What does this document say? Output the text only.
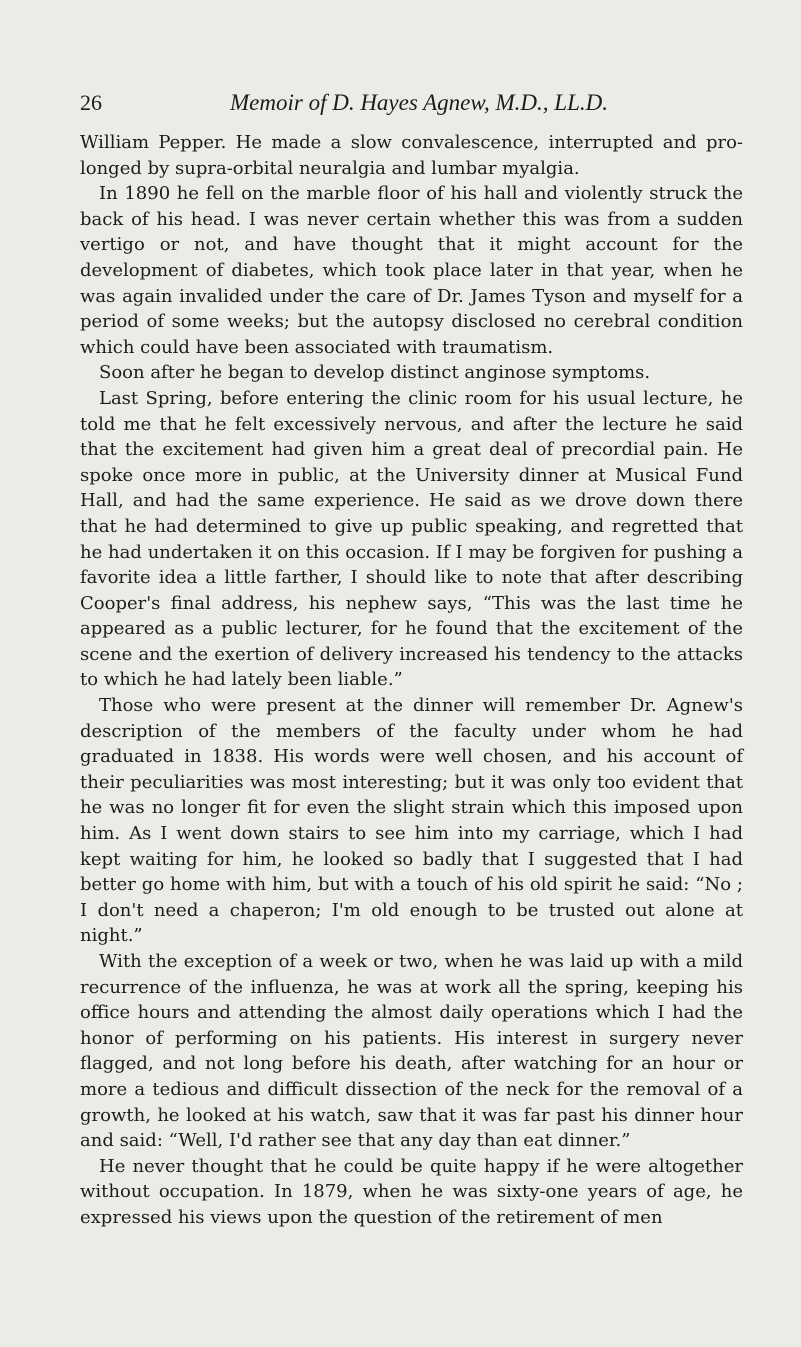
26	Memoir of D. Hayes Agnew, M.D., LL.D.

William Pepper. He made a slow convalescence, interrupted and prolonged by supra-orbital neuralgia and lumbar myalgia.

In 1890 he fell on the marble floor of his hall and violently struck the back of his head. I was never certain whether this was from a sudden vertigo or not, and have thought that it might account for the development of diabetes, which took place later in that year, when he was again invalided under the care of Dr. James Tyson and myself for a period of some weeks; but the autopsy disclosed no cerebral condition which could have been associated with traumatism.

Soon after he began to develop distinct anginose symptoms.

Last Spring, before entering the clinic room for his usual lecture, he told me that he felt excessively nervous, and after the lecture he said that the excitement had given him a great deal of precordial pain. He spoke once more in public, at the University dinner at Musical Fund Hall, and had the same experience. He said as we drove down there that he had determined to give up public speaking, and regretted that he had undertaken it on this occasion. If I may be forgiven for pushing a favorite idea a little farther, I should like to note that after describing Cooper's final address, his nephew says, “This was the last time he appeared as a public lecturer, for he found that the excitement of the scene and the exertion of delivery increased his tendency to the attacks to which he had lately been liable.”

Those who were present at the dinner will remember Dr. Agnew's description of the members of the faculty under whom he had graduated in 1838. His words were well chosen, and his account of their peculiarities was most interesting; but it was only too evident that he was no longer fit for even the slight strain which this imposed upon him. As I went down stairs to see him into my carriage, which I had kept waiting for him, he looked so badly that I suggested that I had better go home with him, but with a touch of his old spirit he said: “No ; I don't need a chaperon; I'm old enough to be trusted out alone at night.”

With the exception of a week or two, when he was laid up with a mild recurrence of the influenza, he was at work all the spring, keeping his office hours and attending the almost daily operations which I had the honor of performing on his patients. His interest in surgery never flagged, and not long before his death, after watching for an hour or more a tedious and difficult dissection of the neck for the removal of a growth, he looked at his watch, saw that it was far past his dinner hour and said: “Well, I'd rather see that any day than eat dinner.”

He never thought that he could be quite happy if he were altogether without occupation. In 1879, when he was sixty-one years of age, he expressed his views upon the question of the retirement of men
